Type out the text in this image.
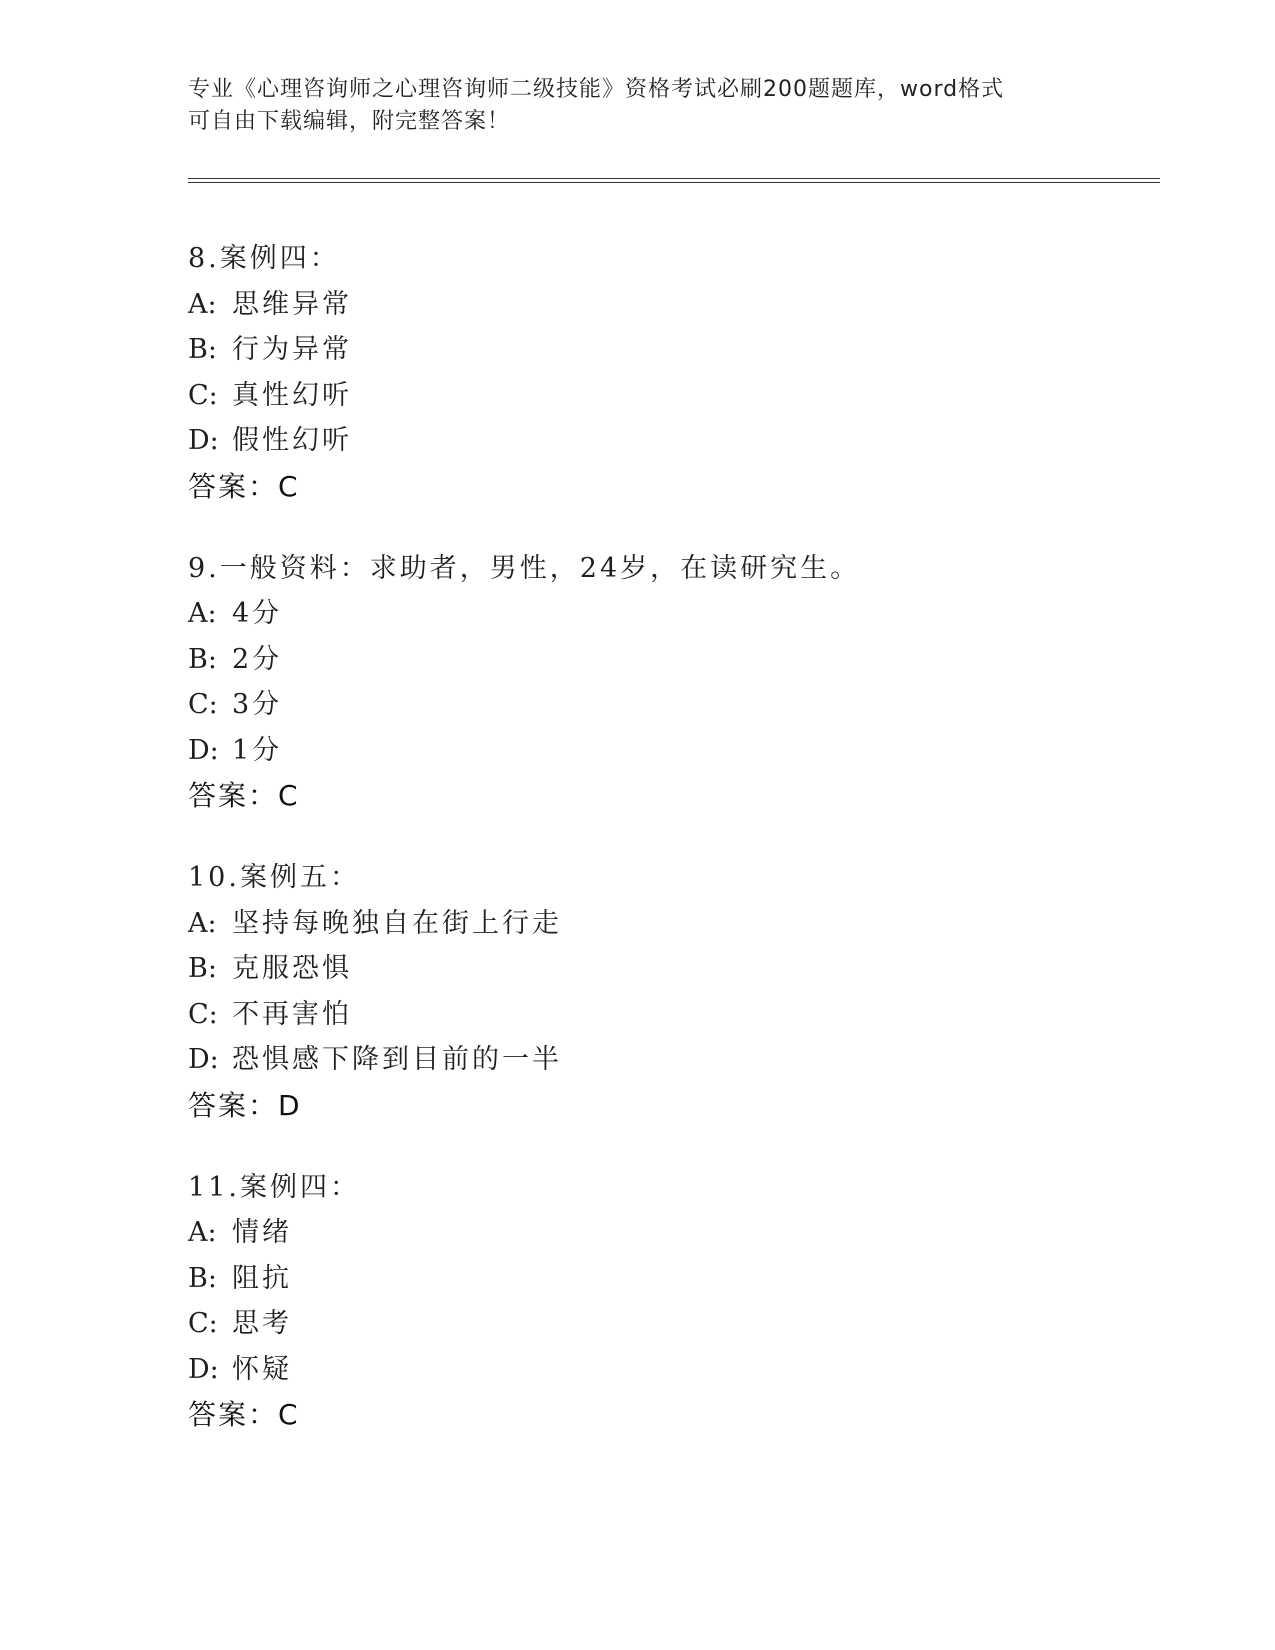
专业《心理咨询师之心理咨询师二级技能》资格考试必刷200题题库，word格式
可自由下载编辑，附完整答案！
8.案例四：
A: 思维异常
B: 行为异常
C: 真性幻听
D: 假性幻听
答案：C
9.一般资料：求助者，男性，24岁，在读研究生。
A: 4分
B: 2分
C: 3分
D: 1分
答案：C
10.案例五：
A: 坚持每晚独自在街上行走
B: 克服恐惧
C: 不再害怕
D: 恐惧感下降到目前的一半
答案：D
11.案例四：
A: 情绪
B: 阻抗
C: 思考
D: 怀疑
答案：C
